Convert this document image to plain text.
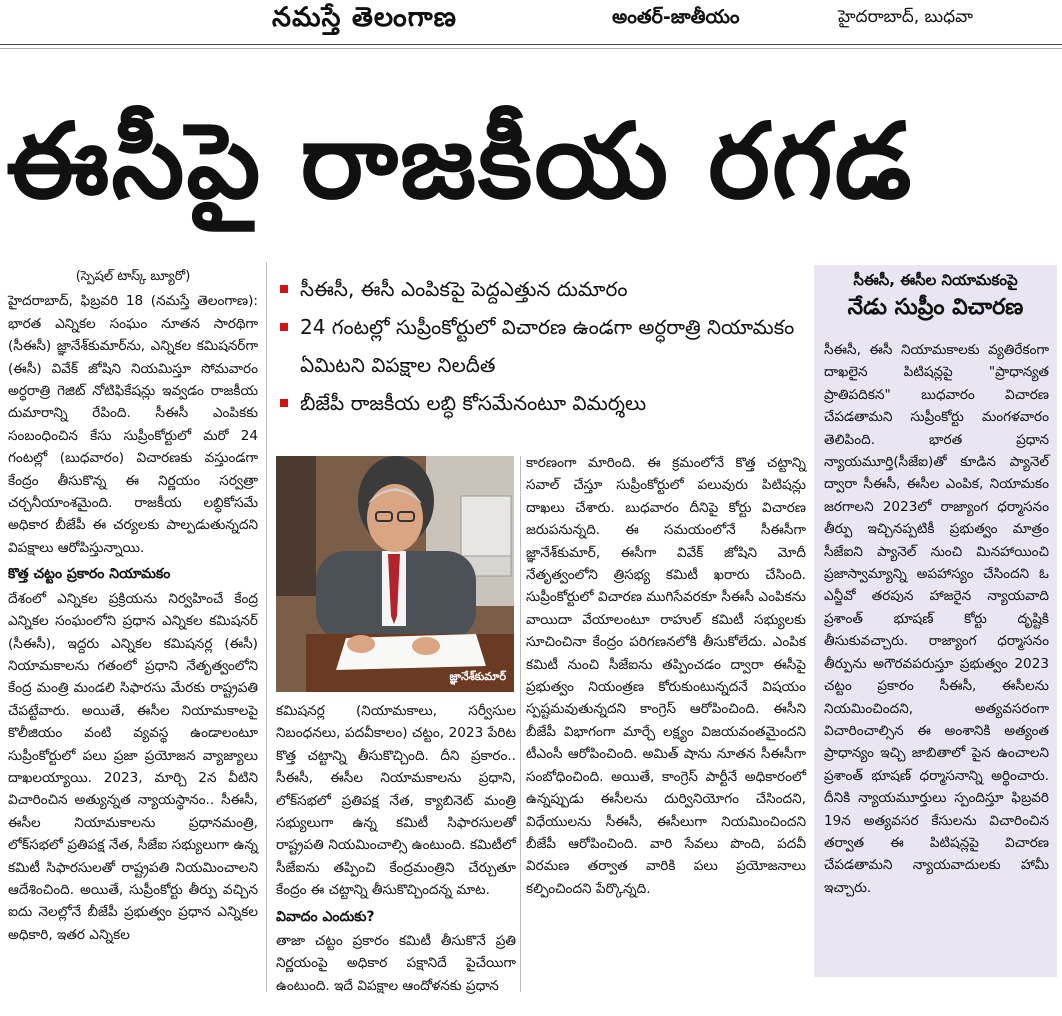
నమస్తే తెలంగాణ	అంతర్-జాతీయం	హైదరాబాద్, బుధవా
ఈసీపై రాజకీయ రగడ
(స్పెషల్ టాస్క్ బ్యూరో)

హైదరాబాద్, ఫిబ్రవరి 18 (నమస్తే తెలంగాణ): భారత ఎన్నికల సంఘం నూతన సారథిగా (సీఈసీ) జ్ఞానేశ్‌కుమార్‌ను, ఎన్నికల కమిషనర్‌గా (ఈసీ) వివేక్ జోషిని నియమిస్తూ సోమవారం అర్ధరాత్రి గెజిట్ నోటిఫికేషన్లు ఇవ్వడం రాజకీయ దుమారాన్ని రేపింది. సీఈసీ ఎంపికకు సంబంధించిన కేసు సుప్రీంకోర్టులో మరో 24 గంటల్లో (బుధవారం) విచారణకు వస్తుండగా కేంద్రం తీసుకొన్న ఈ నిర్ణయం సర్వత్రా చర్చనీయాంశమైంది. రాజకీయ లబ్ధికోసమే అధికార బీజేపీ ఈ చర్యలకు పాల్పడుతున్నదని విపక్షాలు ఆరోపిస్తున్నాయి.

కొత్త చట్టం ప్రకారం నియామకం

దేశంలో ఎన్నికల ప్రక్రియను నిర్వహించే కేంద్ర ఎన్నికల సంఘంలోని ప్రధాన ఎన్నికల కమిషనర్ (సీఈసీ), ఇద్దరు ఎన్నికల కమిషనర్ల (ఈసీ) నియామకాలను గతంలో ప్రధాని నేతృత్వంలోని కేంద్ర మంత్రి మండలి సిఫారసు మేరకు రాష్ట్రపతి చేపట్టేవారు. అయితే, ఈసీల నియామకాలపై కొలీజియం వంటి వ్యవస్థ ఉండాలంటూ సుప్రీంకోర్టులో పలు ప్రజా ప్రయోజన వ్యాజ్యాలు దాఖలయ్యాయి. 2023, మార్చి 2న వీటిని విచారించిన అత్యున్నత న్యాయస్థానం.. సీఈసీ, ఈసీల నియామకాలను ప్రధానమంత్రి, లోక్‌సభలో ప్రతిపక్ష నేత, సీజేఐ సభ్యులుగా ఉన్న కమిటీ సిఫారసులతో రాష్ట్రపతి నియమించాలని ఆదేశించింది. అయితే, సుప్రీంకోర్టు తీర్పు వచ్చిన ఐదు నెలల్లోనే బీజేపీ ప్రభుత్వం ప్రధాన ఎన్నికల అధికారి, ఇతర ఎన్నికల

సీఈసీ, ఈసీ ఎంపికపై పెద్దఎత్తున దుమారం
24 గంటల్లో సుప్రీంకోర్టులో విచారణ ఉండగా అర్ధరాత్రి నియామకం ఏమిటని విపక్షాల నిలదీత
బీజేపీ రాజకీయ లబ్ధి కోసమేనంటూ విమర్శలు
జ్ఞానేశ్‌కుమార్

కమిషనర్ల (నియామకాలు, సర్వీసుల నిబంధనలు, పదవీకాలం) చట్టం, 2023 పేరిట కొత్త చట్టాన్ని తీసుకొచ్చింది. దీని ప్రకారం.. సీఈసీ, ఈసీల నియామకాలను ప్రధాని, లోక్‌సభలో ప్రతిపక్ష నేత, క్యాబినెట్ మంత్రి సభ్యులుగా ఉన్న కమిటీ సిఫారసులతో రాష్ట్రపతి నియమించాల్సి ఉంటుంది. కమిటీలో సీజేఐను తప్పించి కేంద్రమంత్రిని చేర్చుతూ కేంద్రం ఈ చట్టాన్ని తీసుకొచ్చిందన్న మాట.

వివాదం ఎందుకు?

తాజా చట్టం ప్రకారం కమిటీ తీసుకొనే ప్రతి నిర్ణయంపై అధికార పక్షానిదే పైచేయిగా ఉంటుంది. ఇదే విపక్షాల ఆందోళనకు ప్రధాన

కారణంగా మారింది. ఈ క్రమంలోనే కొత్త చట్టాన్ని సవాల్ చేస్తూ సుప్రీంకోర్టులో పలువురు పిటిషన్లు దాఖలు చేశారు. బుధవారం దీనిపై కోర్టు విచారణ జరుపనున్నది. ఈ సమయంలోనే సీఈసీగా జ్ఞానేశ్‌కుమార్, ఈసీగా వివేక్ జోషిని మోదీ నేతృత్వంలోని త్రిసభ్య కమిటీ ఖరారు చేసింది. సుప్రీంకోర్టులో విచారణ ముగిసేవరకూ సీఈసీ ఎంపికను వాయిదా వేయాలంటూ రాహుల్ కమిటీ సభ్యులకు సూచించినా కేంద్రం పరిగణనలోకి తీసుకోలేదు. ఎంపిక కమిటీ నుంచి సీజేఐను తప్పించడం ద్వారా ఈసీపై ప్రభుత్వం నియంత్రణ కోరుకుంటున్నదనే విషయం స్పష్టమవుతున్నదని కాంగ్రెస్ ఆరోపించింది. ఈసీని బీజేపీ విభాగంగా మార్చే లక్ష్యం విజయవంతమైందని టీఎంసీ ఆరోపించింది. అమిత్ షాను నూతన సీఈసీగా సంబోధించింది. అయితే, కాంగ్రెస్ పార్టీనే అధికారంలో ఉన్నప్పుడు ఈసీలను దుర్వినియోగం చేసిందని, విధేయులను సీఈసీ, ఈసీలుగా నియమించిందని బీజేపీ ఆరోపించింది. వారి సేవలు పొంది, పదవీ విరమణ తర్వాత వారికి పలు ప్రయోజనాలు కల్పించిందని పేర్కొన్నది.

సీఈసీ, ఈసీల నియామకంపై
నేడు సుప్రీం విచారణ
సీఈసీ, ఈసీ నియామకాలకు వ్యతిరేకంగా దాఖలైన పిటిషన్లపై "ప్రాధాన్యత ప్రాతిపదికన" బుధవారం విచారణ చేపడతామని సుప్రీంకోర్టు మంగళవారం తెలిపింది. భారత ప్రధాన న్యాయమూర్తి(సీజేఐ)తో కూడిన ప్యానెల్ ద్వారా సీఈసీ, ఈసీల ఎంపిక, నియామకం జరగాలని 2023లో రాజ్యాంగ ధర్మాసనం తీర్పు ఇచ్చినప్పటికీ ప్రభుత్వం మాత్రం సీజేఐని ప్యానెల్ నుంచి మినహాయించి ప్రజాస్వామ్యాన్ని అపహాస్యం చేసిందని ఓ ఎన్జీవో తరపున హాజరైన న్యాయవాది ప్రశాంత్ భూషణ్ కోర్టు దృష్టికి తీసుకువచ్చారు. రాజ్యాంగ ధర్మాసనం తీర్పును అగౌరవపరుస్తూ ప్రభుత్వం 2023 చట్టం ప్రకారం సీఈసీ, ఈసీలను నియమించిందని, అత్యవసరంగా విచారించాల్సిన ఈ అంశానికి అత్యంత ప్రాధాన్యం ఇచ్చి జాబితాలో పైన ఉంచాలని ప్రశాంత్ భూషణ్ ధర్మాసనాన్ని అర్థించారు. దీనికి న్యాయమూర్తులు స్పందిస్తూ ఫిబ్రవరి 19న అత్యవసర కేసులను విచారించిన తర్వాత ఈ పిటిషన్లపై విచారణ చేపడతామని న్యాయవాదులకు హామీ ఇచ్చారు.
